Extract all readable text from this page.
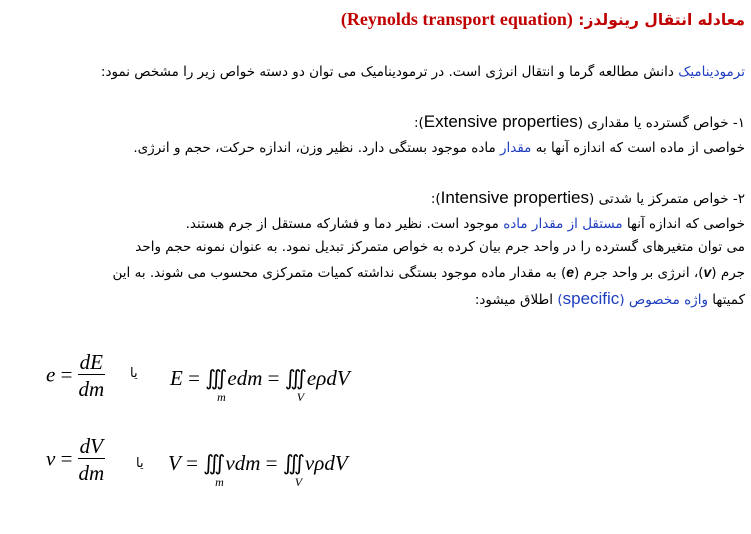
معادله انتقال رینولدز: (Reynolds transport equation)
ترمودینامیک دانش مطالعه گرما و انتقال انرژی است. در ترمودینامیک می توان دو دسته خواص زیر را مشخص نمود:
۱- خواص گسترده یا مقداری (Extensive properties):
خواصی از ماده است که اندازه آنها به مقدار ماده موجود بستگی دارد. نظیر وزن، اندازه حرکت، حجم و انرژی.
۲- خواص متمرکز یا شدتی (Intensive properties):
خواصی که اندازه آنها مستقل از مقدار ماده موجود است. نظیر دما و فشارکه مستقل از جرم هستند.
می توان متغیرهای گسترده را در واحد جرم بیان کرده به خواص متمرکز تبدیل نمود. به عنوان نمونه حجم واحد
جرم (v)، انرژی بر واحد جرم (e) به مقدار ماده موجود بستگی نداشته کمیات متمرکزی محسوب می شوند. به این
کمیتها واژه مخصوص (specific) اطلاق میشود:
$e = \frac{dE}{dm}$ یا E = ∭
m
edm = ∭
V
eρdV
$v = \frac{dV}{dm}$ یا V = ∭
m
vdm = ∭
V
vρdV
